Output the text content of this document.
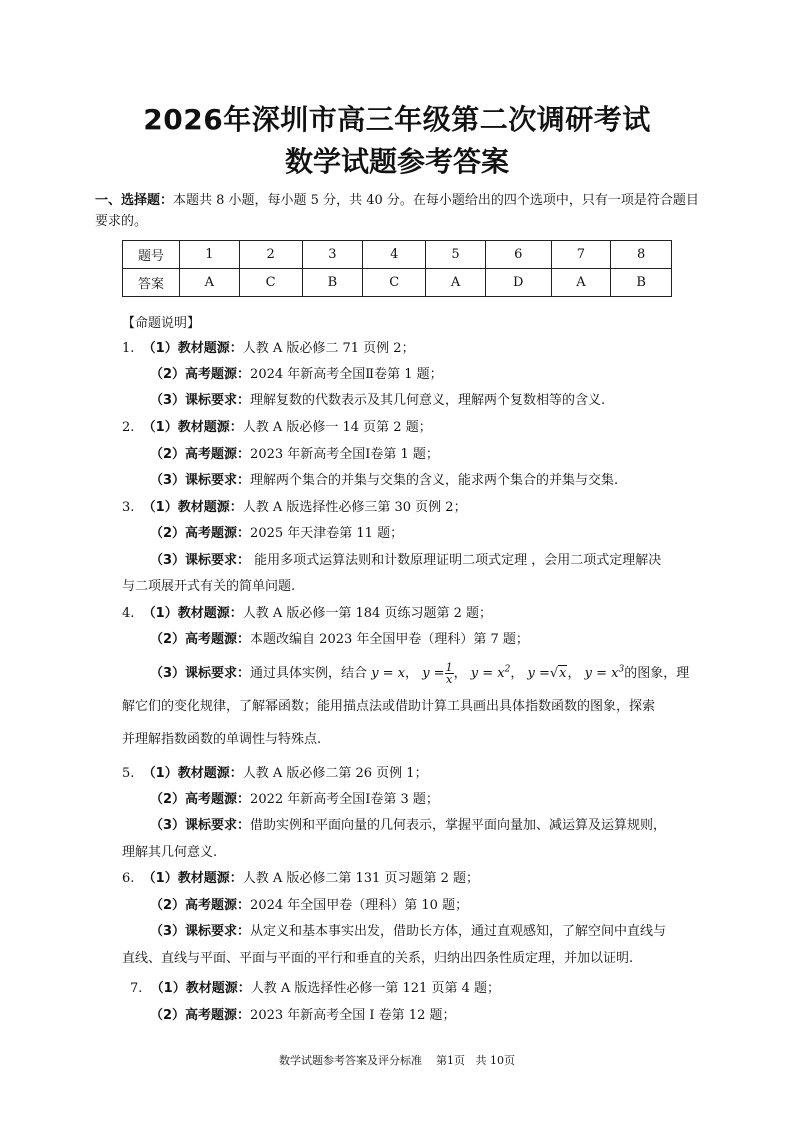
2026年深圳市高三年级第二次调研考试
数学试题参考答案
一、选择题：本题共 8 小题，每小题 5 分，共 40 分。在每小题给出的四个选项中，只有一项是符合题目要求的。
题号	1	2	3	4	5	6	7	8
答案	A	C	B	C	A	D	A	B
【命题说明】
1. （1）教材题源：人教 A 版必修二 71 页例 2；
（2）高考题源：2024 年新高考全国Ⅱ卷第 1 题；
（3）课标要求：理解复数的代数表示及其几何意义，理解两个复数相等的含义.
2. （1）教材题源：人教 A 版必修一 14 页第 2 题；
（2）高考题源：2023 年新高考全国Ⅰ卷第 1 题；
（3）课标要求：理解两个集合的并集与交集的含义，能求两个集合的并集与交集.
3. （1）教材题源：人教 A 版选择性必修三第 30 页例 2；
（2）高考题源：2025 年天津卷第 11 题；
（3）课标要求： 能用多项式运算法则和计数原理证明二项式定理 ，会用二项式定理解决
与二项展开式有关的简单问题.
4. （1）教材题源：人教 A 版必修一第 184 页练习题第 2 题；
（2）高考题源：本题改编自 2023 年全国甲卷（理科）第 7 题；
（3）课标要求：通过具体实例，结合 y = x， $y = \frac{1}{x}$ ， $y = x^2$， y =√x， $y = x^3$的图象，理
解它们的变化规律，了解幂函数；能用描点法或借助计算工具画出具体指数函数的图象，探索
并理解指数函数的单调性与特殊点.
5. （1）教材题源：人教 A 版必修二第 26 页例 1；
（2）高考题源：2022 年新高考全国Ⅰ卷第 3 题；
（3）课标要求：借助实例和平面向量的几何表示，掌握平面向量加、减运算及运算规则，
理解其几何意义.
6. （1）教材题源：人教 A 版必修二第 131 页习题第 2 题；
（2）高考题源：2024 年全国甲卷（理科）第 10 题；
（3）课标要求：从定义和基本事实出发，借助长方体，通过直观感知，了解空间中直线与
直线、直线与平面、平面与平面的平行和垂直的关系，归纳出四条性质定理，并加以证明.
7. （1）教材题源：人教 A 版选择性必修一第 121 页第 4 题；
（2）高考题源：2023 年新高考全国 Ⅰ 卷第 12 题；
数学试题参考答案及评分标准    第1页   共 10页
